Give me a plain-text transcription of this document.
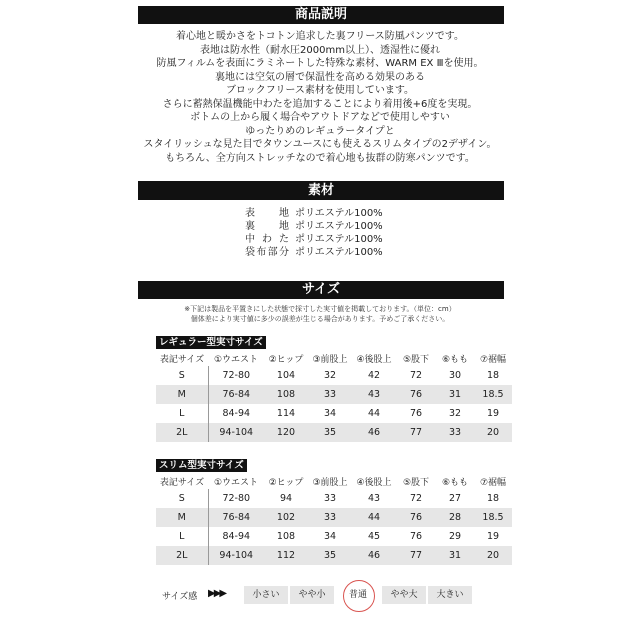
商品説明
着心地と暖かさをトコトン追求した裏フリース防風パンツです。
表地は防水性（耐水圧2000mm以上）、透湿性に優れ
防風フィルムを表面にラミネートした特殊な素材、WARM EX Ⅲを使用。
裏地には空気の層で保温性を高める効果のある
ブロックフリース素材を使用しています。
さらに蓄熱保温機能中わたを追加することにより着用後+6度を実現。
ボトムの上から履く場合やアウトドアなどで使用しやすい
ゆったりめのレギュラータイプと
スタイリッシュな見た目でタウンユースにも使えるスリムタイプの2デザイン。
もちろん、全方向ストレッチなので着心地も抜群の防寒パンツです。
素材
表地 ポリエステル100%
裏地 ポリエステル100%
中わた ポリエステル100%
袋布部分 ポリエステル100%
サイズ
※下記は製品を平置きにした状態で採寸した実寸値を掲載しております。（単位：cm）
個体差により実寸値に多少の誤差が生じる場合があります。予めご了承ください。
レギュラー型実寸サイズ
表記サイズ	①ウエスト	②ヒップ	③前股上	④後股上	⑤股下	⑥もも	⑦裾幅
S	72-80	104	32	42	72	30	18
M	76-84	108	33	43	76	31	18.5
L	84-94	114	34	44	76	32	19
2L	94-104	120	35	46	77	33	20
スリム型実寸サイズ
表記サイズ	①ウエスト	②ヒップ	③前股上	④後股上	⑤股下	⑥もも	⑦裾幅
S	72-80	94	33	43	72	27	18
M	76-84	102	33	44	76	28	18.5
L	84-94	108	34	45	76	29	19
2L	94-104	112	35	46	77	31	20
サイズ感 ▶▶▶	小さい	やや小	普通	やや大	大きい
